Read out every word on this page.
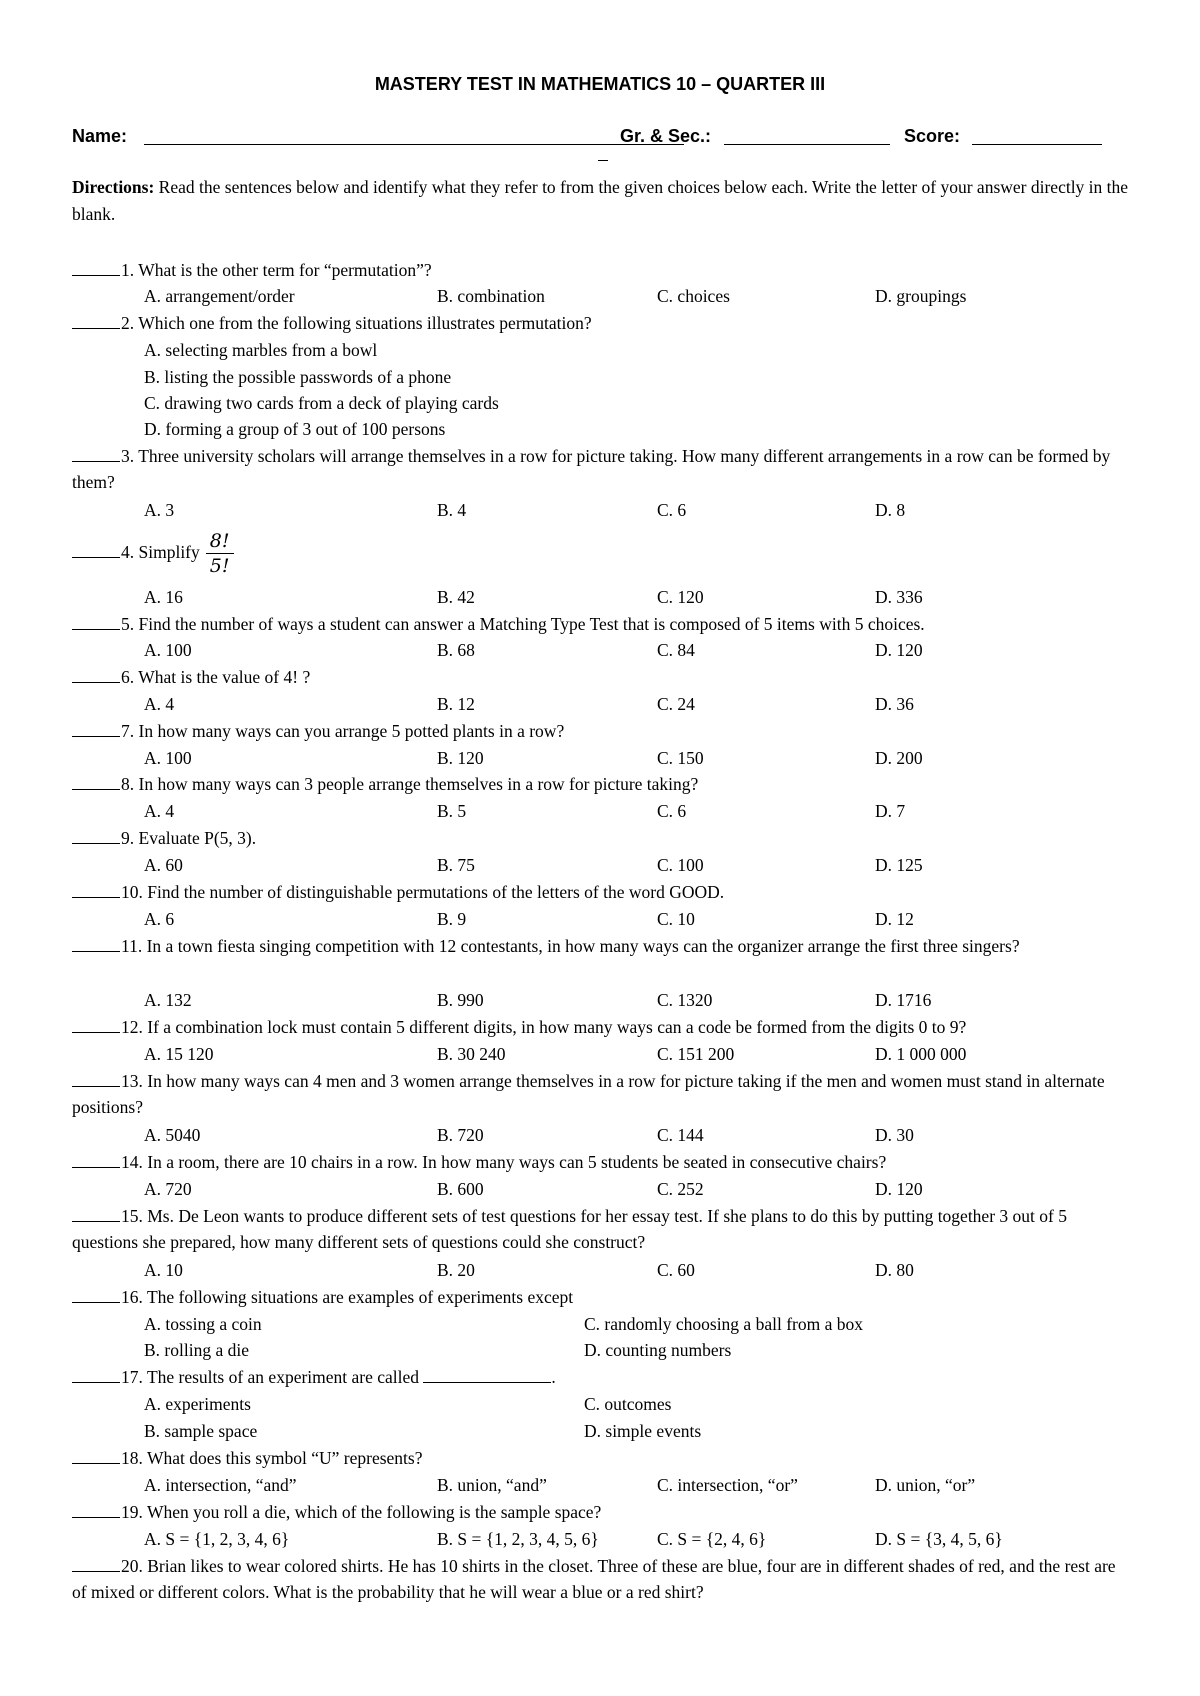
MASTERY TEST IN MATHEMATICS 10 – QUARTER III
Name:	Gr. & Sec.:	Score:
Directions: Read the sentences below and identify what they refer to from the given choices below each. Write the letter of your answer directly in the blank.
1. What is the other term for “permutation”?
A. arrangement/order	B. combination	C. choices	D. groupings
2. Which one from the following situations illustrates permutation?
A. selecting marbles from a bowl
B. listing the possible passwords of a phone
C. drawing two cards from a deck of playing cards
D. forming a group of 3 out of 100 persons
3. Three university scholars will arrange themselves in a row for picture taking. How many different arrangements in a row can be formed by them?
A. 3	B. 4	C. 6	D. 8
4. Simplify $\frac{8!}{5!}$
A. 16	B. 42	C. 120	D. 336
5. Find the number of ways a student can answer a Matching Type Test that is composed of 5 items with 5 choices.
A. 100	B. 68	C. 84	D. 120
6. What is the value of 4! ?
A. 4	B. 12	C. 24	D. 36
7. In how many ways can you arrange 5 potted plants in a row?
A. 100	B. 120	C. 150	D. 200
8. In how many ways can 3 people arrange themselves in a row for picture taking?
A. 4	B. 5	C. 6	D. 7
9. Evaluate P(5, 3).
A. 60	B. 75	C. 100	D. 125
10. Find the number of distinguishable permutations of the letters of the word GOOD.
A. 6	B. 9	C. 10	D. 12
11. In a town fiesta singing competition with 12 contestants, in how many ways can the organizer arrange the first three singers?
A. 132	B. 990	C. 1320	D. 1716
12. If a combination lock must contain 5 different digits, in how many ways can a code be formed from the digits 0 to 9?
A. 15 120	B. 30 240	C. 151 200	D. 1 000 000
13. In how many ways can 4 men and 3 women arrange themselves in a row for picture taking if the men and women must stand in alternate positions?
A. 5040	B. 720	C. 144	D. 30
14. In a room, there are 10 chairs in a row. In how many ways can 5 students be seated in consecutive chairs?
A. 720	B. 600	C. 252	D. 120
15. Ms. De Leon wants to produce different sets of test questions for her essay test. If she plans to do this by putting together 3 out of 5 questions she prepared, how many different sets of questions could she construct?
A. 10	B. 20	C. 60	D. 80
16. The following situations are examples of experiments except
A. tossing a coin	C. randomly choosing a ball from a box
B. rolling a die	D. counting numbers
17. The results of an experiment are called	.
A. experiments	C. outcomes
B. sample space	D. simple events
18. What does this symbol “U” represents?
A. intersection, “and”	B. union, “and”	C. intersection, “or”	D. union, “or”
19. When you roll a die, which of the following is the sample space?
A. S = {1, 2, 3, 4, 6}	B. S = {1, 2, 3, 4, 5, 6}	C. S = {2, 4, 6}	D. S = {3, 4, 5, 6}
20. Brian likes to wear colored shirts. He has 10 shirts in the closet. Three of these are blue, four are in different shades of red, and the rest are of mixed or different colors. What is the probability that he will wear a blue or a red shirt?
